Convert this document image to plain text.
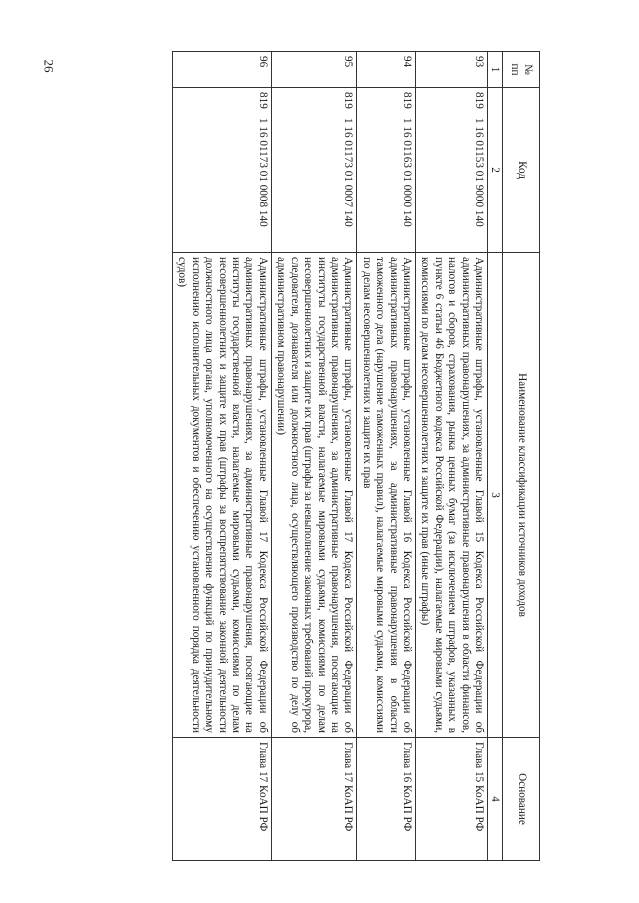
26	№
пп	Код	Наименование классификации источников доходов	Основание
1	2	3	4
93	8191 16 01153 01 9000 140	Административные штрафы, установленные Главой 15 Кодекса Российской Федерации об административных правонарушениях, за административные правонарушения в области финансов, налогов и сборов, страхования, рынка ценных бумаг (за исключением штрафов, указанных в пункте 6 статьи 46 Бюджетного кодекса Российской Федерации), налагаемые мировыми судьями, комиссиями по делам несовершеннолетних и защите их прав (иные штрафы)	Глава 15 КоАП РФ
94	8191 16 01163 01 0000 140	Административные штрафы, установленные Главой 16 Кодекса Российской Федерации об административных правонарушениях, за административные правонарушения в области таможенного дела (нарушение таможенных правил), налагаемые мировыми судьями, комиссиями по делам несовершеннолетних и защите их прав	Глава 16 КоАП РФ
95	8191 16 01173 01 0007 140	Административные штрафы, установленные Главой 17 Кодекса Российской Федерации об административных правонарушениях, за административные правонарушения, посягающие на институты государственной власти, налагаемые мировыми судьями, комиссиями по делам несовершеннолетних и защите их прав (штрафы за невыполнение законных требований прокурора, следователя, дознавателя или должностного лица, осуществляющего производство по делу об административном правонарушении)	Глава 17 КоАП РФ
96	8191 16 01173 01 0008 140	Административные штрафы, установленные Главой 17 Кодекса Российской Федерации об административных правонарушениях, за административные правонарушения, посягающие на институты государственной власти, налагаемые мировыми судьями, комиссиями по делам несовершеннолетних и защите их прав (штрафы за воспрепятствование законной деятельности должностного лица органа, уполномоченного на осуществление функций по принудительному исполнению исполнительных документов и обеспечению установленного порядка деятельности судов)	Глава 17 КоАП РФ
